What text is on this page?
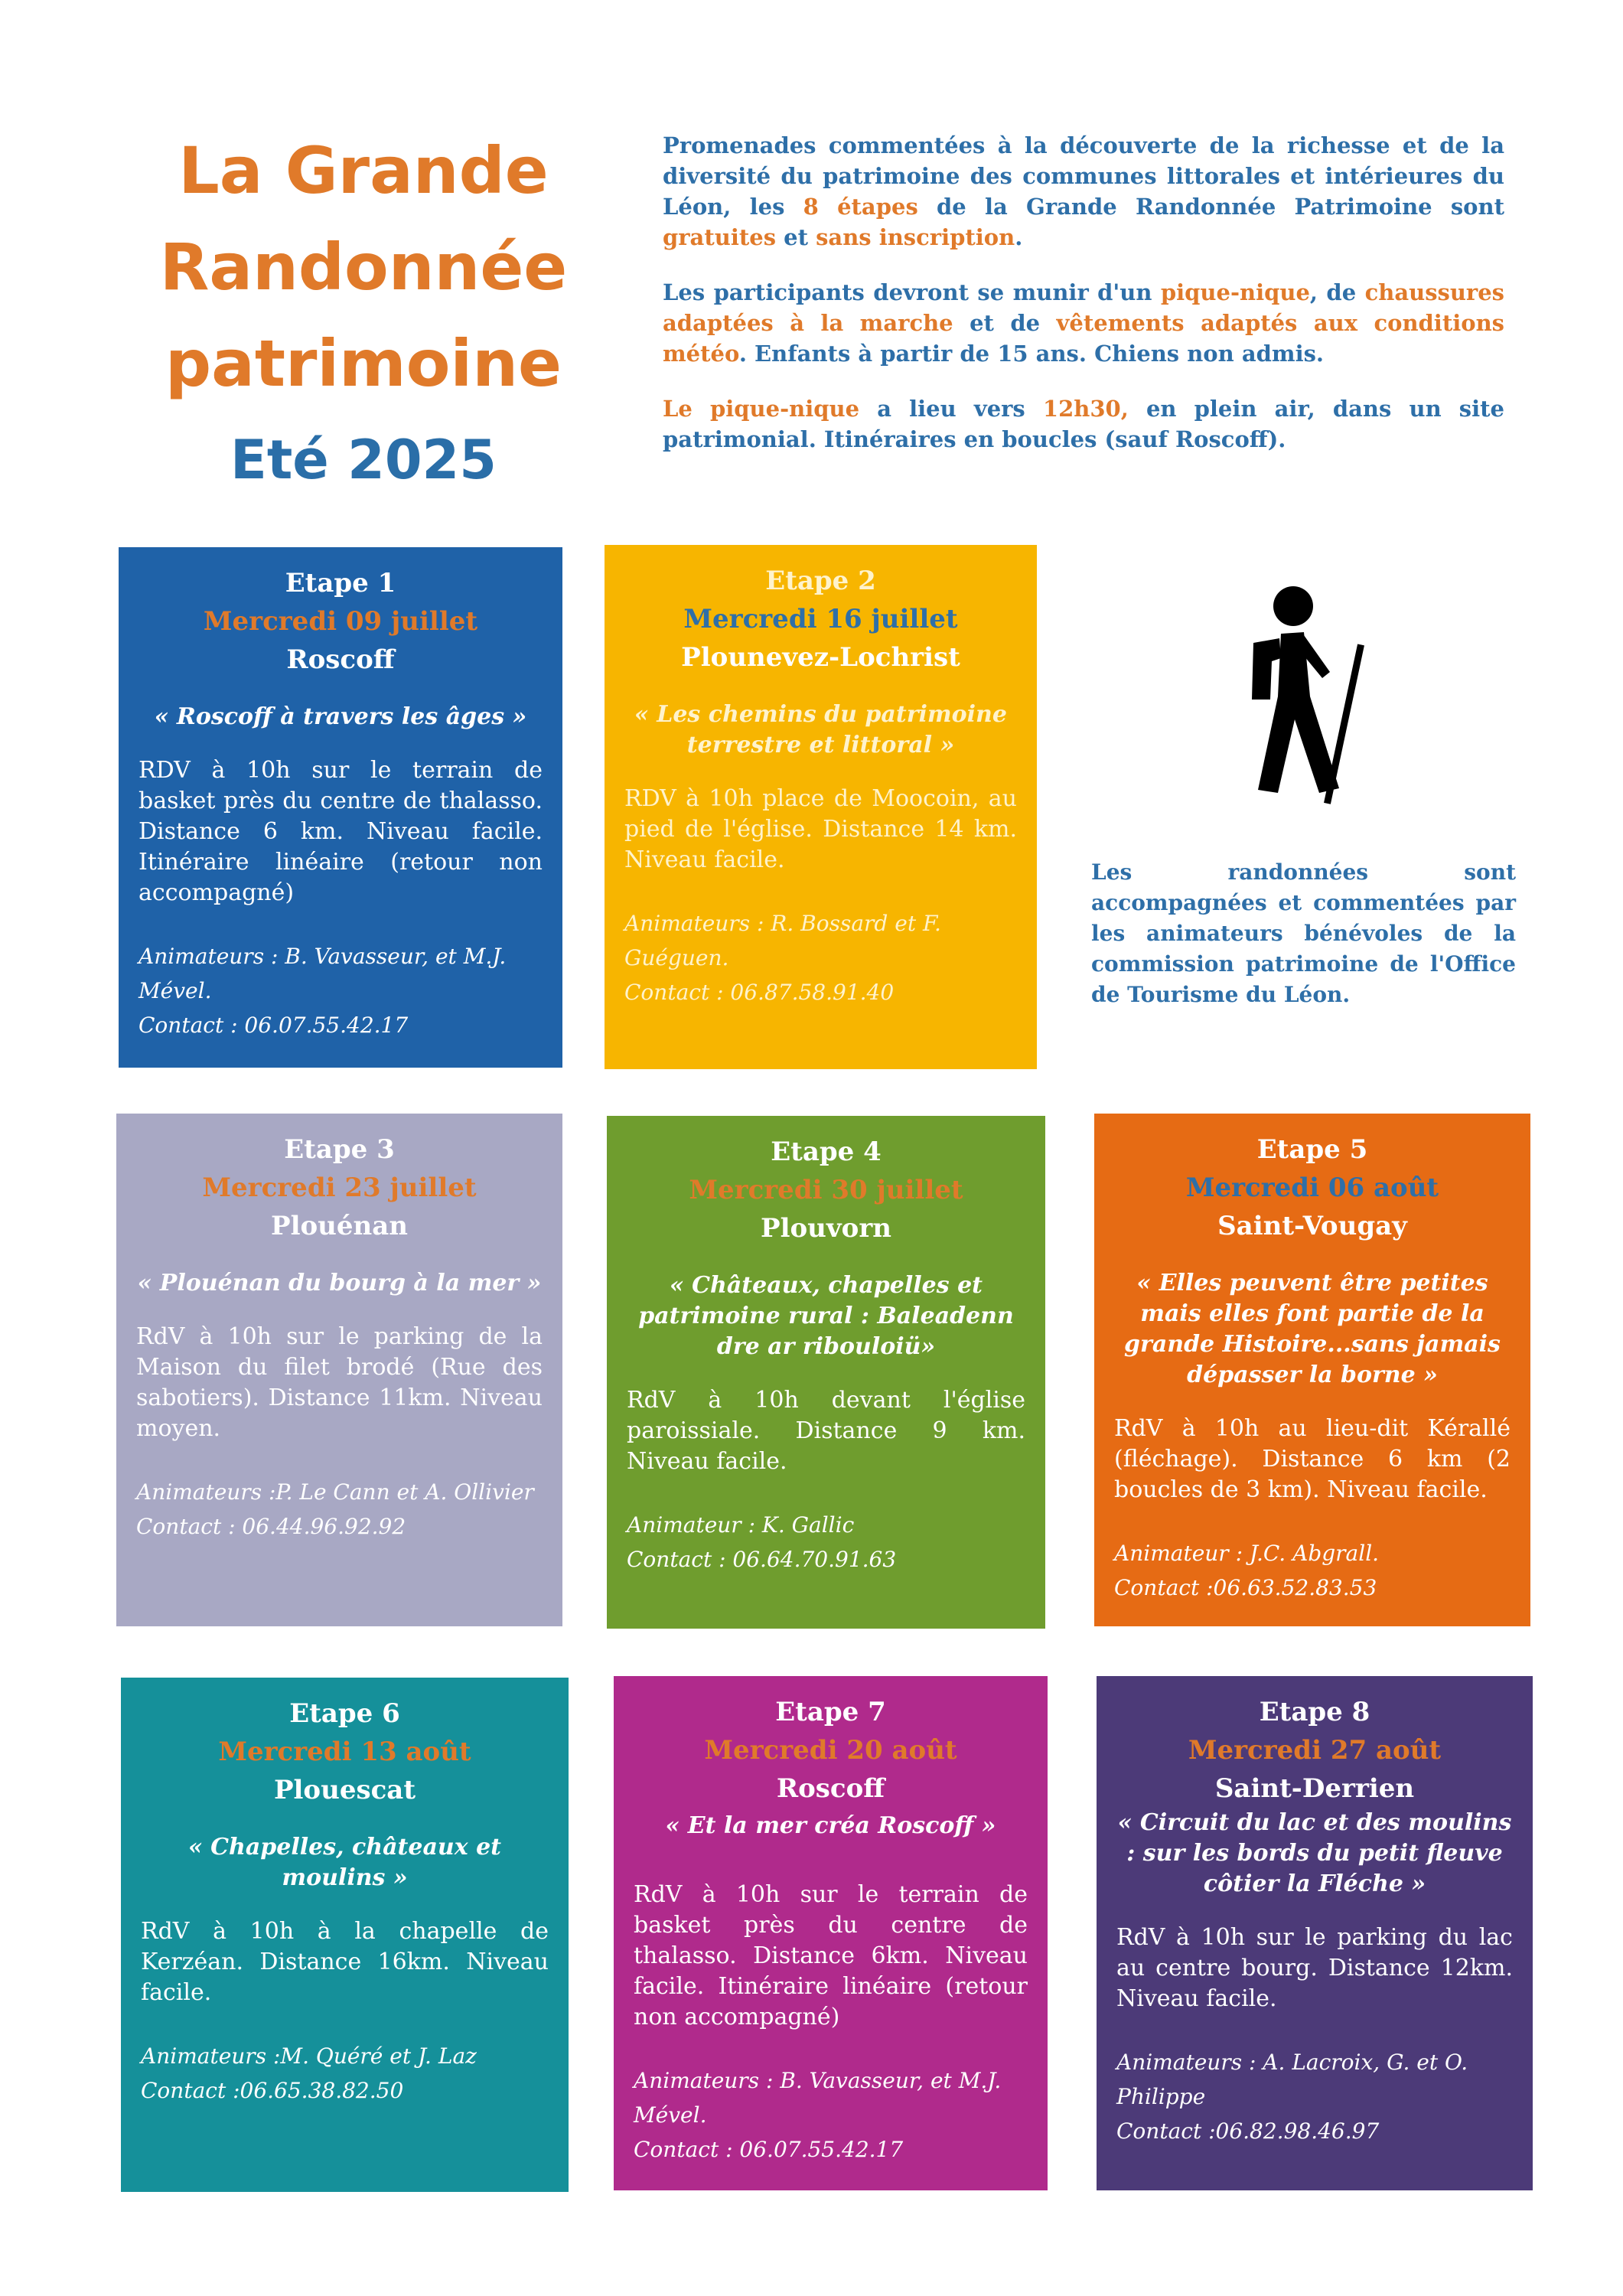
La Grande
Randonnée
patrimoine
Eté 2025

Promenades commentées à la découverte de la richesse et de la diversité du patrimoine des communes littorales et intérieures du Léon, les 8 étapes de la Grande Randonnée Patrimoine sont gratuites et sans inscription.

Les participants devront se munir d'un pique-nique, de chaussures adaptées à la marche et de vêtements adaptés aux conditions météo. Enfants à partir de 15 ans. Chiens non admis.

Le pique-nique a lieu vers 12h30, en plein air, dans un site patrimonial. Itinéraires en boucles (sauf Roscoff).

Etape 1
Mercredi 09 juillet
Roscoff
« Roscoff à travers les âges »
RDV à 10h sur le terrain de basket près du centre de thalasso. Distance 6 km. Niveau facile. Itinéraire linéaire (retour non accompagné)
Animateurs : B. Vavasseur, et M.J. Mével.
Contact : 06.07.55.42.17
Etape 2
Mercredi 16 juillet
Plounevez-Lochrist
« Les chemins du patrimoine terrestre et littoral »
RDV à 10h place de Moocoin, au pied de l'église. Distance 14 km. Niveau facile.
Animateurs : R. Bossard et F. Guéguen.
Contact : 06.87.58.91.40
Etape 3
Mercredi 23 juillet
Plouénan
« Plouénan du bourg à la mer »
RdV à 10h sur le parking de la Maison du filet brodé (Rue des sabotiers). Distance 11km. Niveau moyen.
Animateurs :P. Le Cann et A. Ollivier
Contact : 06.44.96.92.92
Etape 4
Mercredi 30 juillet
Plouvorn
« Châteaux, chapelles et patrimoine rural : Baleadenn dre ar ribouloiü»
RdV à 10h devant l'église paroissiale. Distance 9 km. Niveau facile.
Animateur : K. Gallic
Contact : 06.64.70.91.63
Etape 5
Mercredi 06 août
Saint-Vougay
« Elles peuvent être petites mais elles font partie de la grande Histoire...sans jamais dépasser la borne »
RdV à 10h au lieu-dit Kérallé (fléchage). Distance 6 km (2 boucles de 3 km). Niveau facile.
Animateur : J.C. Abgrall.
Contact :06.63.52.83.53
Etape 6
Mercredi 13 août
Plouescat
« Chapelles, châteaux et moulins »
RdV à 10h à la chapelle de Kerzéan. Distance 16km. Niveau facile.
Animateurs :M. Quéré et J. Laz
Contact :06.65.38.82.50
Etape 7
Mercredi 20 août
Roscoff
« Et la mer créa Roscoff »
RdV à 10h sur le terrain de basket près du centre de thalasso. Distance 6km. Niveau facile. Itinéraire linéaire (retour non accompagné)
Animateurs : B. Vavasseur, et M.J. Mével.
Contact : 06.07.55.42.17
Etape 8
Mercredi 27 août
Saint-Derrien
« Circuit du lac et des moulins : sur les bords du petit fleuve côtier la Fléche »
RdV à 10h sur le parking du lac au centre bourg. Distance 12km. Niveau facile.
Animateurs : A. Lacroix, G. et O. Philippe
Contact :06.82.98.46.97
Les randonnées sont accompagnées et commentées par les animateurs bénévoles de la commission patrimoine de l'Office de Tourisme du Léon.
